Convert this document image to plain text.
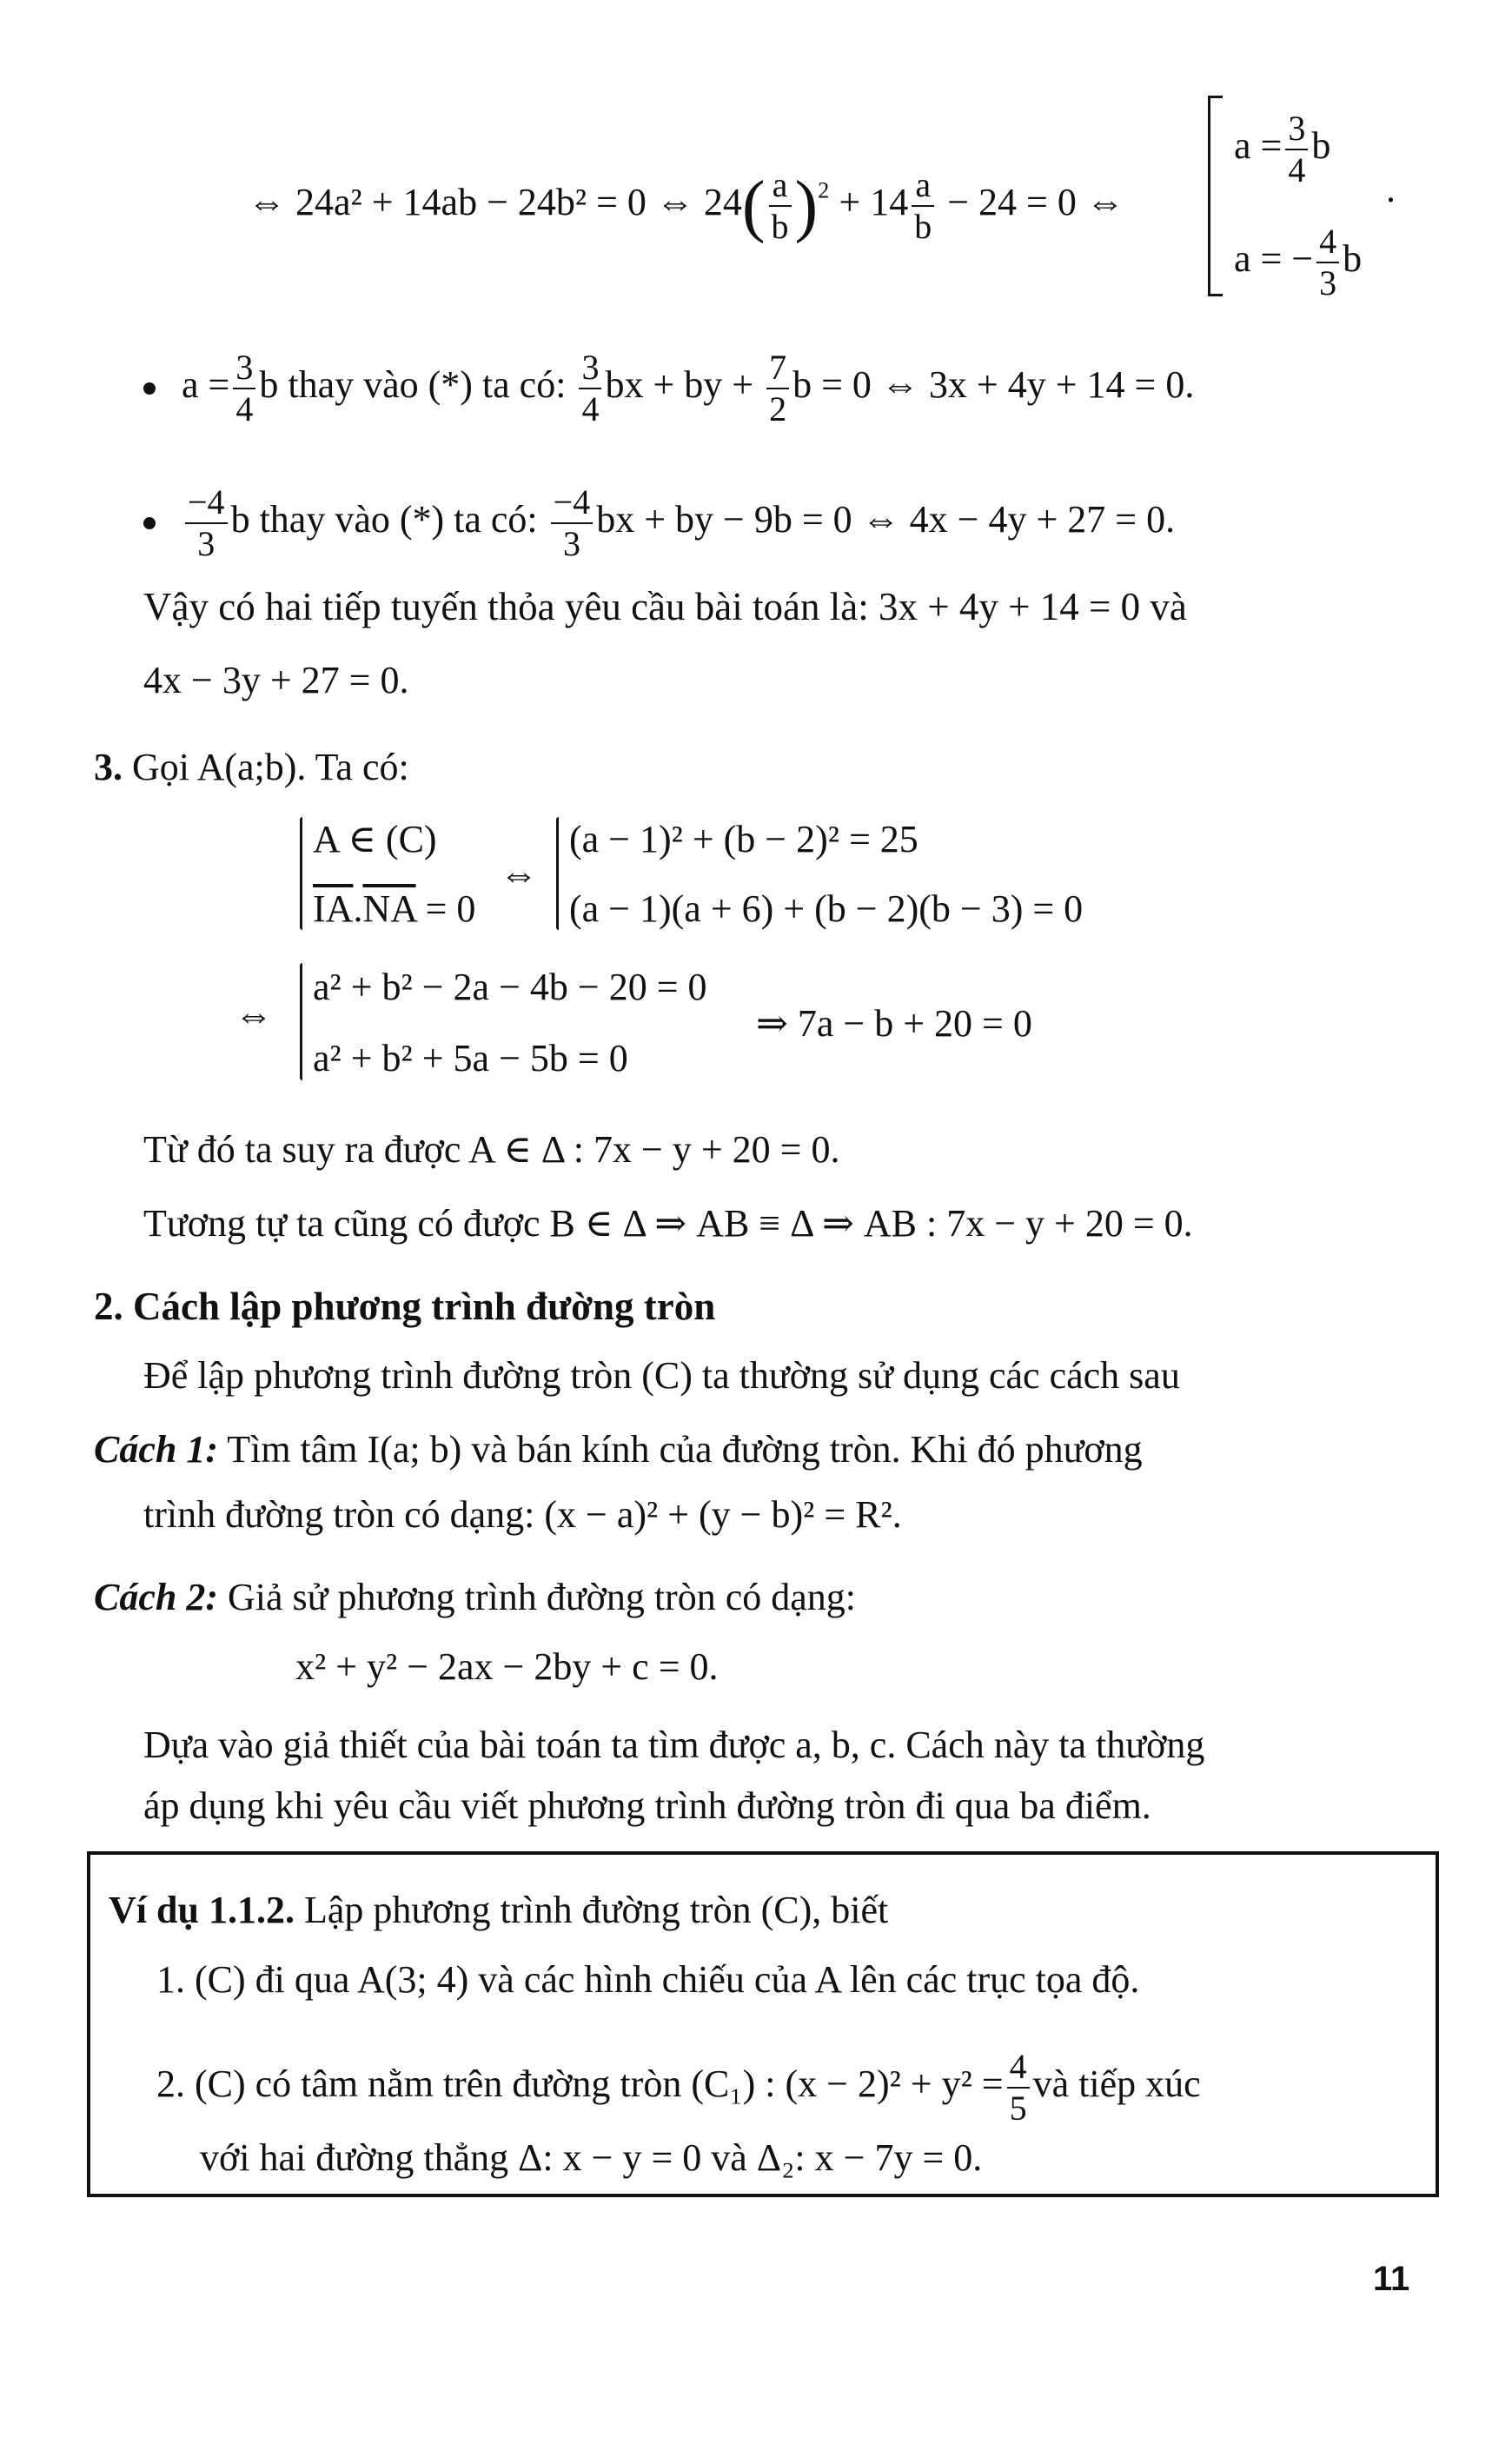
⇔ 24a² + 14ab − 24b² = 0 ⇔ $24( \frac{a}{b} )^2 + 14 \frac{a}{b} - 24 = 0$ ⇔
$a = \frac{3}{4}$ b
a = − $\frac{4}{3}$ b
.
$a = \frac{3}{4}$ b thay vào (*) ta có: $\frac{3}{4}$ bx + by + $\frac{7}{2}$ b = 0 ⇔ 3x + 4y + 14 = 0.
$\frac{-4}{3}$ b thay vào (*) ta có: $\frac{-4}{3}$ bx + by − 9b = 0 ⇔ 4x − 4y + 27 = 0.
Vậy có hai tiếp tuyến thỏa yêu cầu bài toán là: 3x + 4y + 14 = 0 và
4x − 3y + 27 = 0.
3. Gọi A(a;b). Ta có:
A ∈ (C)
$\overline{IA}.\overline{NA} = 0$
⇔
(a − 1)² + (b − 2)² = 25
(a − 1)(a + 6) + (b − 2)(b − 3) = 0
⇔
a² + b² − 2a − 4b − 20 = 0
a² + b² + 5a − 5b = 0
⇒ 7a − b + 20 = 0
Từ đó ta suy ra được A ∈ Δ : 7x − y + 20 = 0.
Tương tự ta cũng có được B ∈ Δ ⇒ AB ≡ Δ ⇒ AB : 7x − y + 20 = 0.
2. Cách lập phương trình đường tròn
Để lập phương trình đường tròn (C) ta thường sử dụng các cách sau
Cách 1: Tìm tâm I(a; b) và bán kính của đường tròn. Khi đó phương
trình đường tròn có dạng: (x − a)² + (y − b)² = R².
Cách 2: Giả sử phương trình đường tròn có dạng:
x² + y² − 2ax − 2by + c = 0.
Dựa vào giả thiết của bài toán ta tìm được a, b, c. Cách này ta thường
áp dụng khi yêu cầu viết phương trình đường tròn đi qua ba điểm.
Ví dụ 1.1.2. Lập phương trình đường tròn (C), biết
1. (C) đi qua A(3; 4) và các hình chiếu của A lên các trục tọa độ.
2. (C) có tâm nằm trên đường tròn (C₁) : $(x - 2)^2 + y^2 = \frac{4}{5}$ và tiếp xúc
với hai đường thẳng Δ: x − y = 0 và Δ₂: x − 7y = 0.
11
